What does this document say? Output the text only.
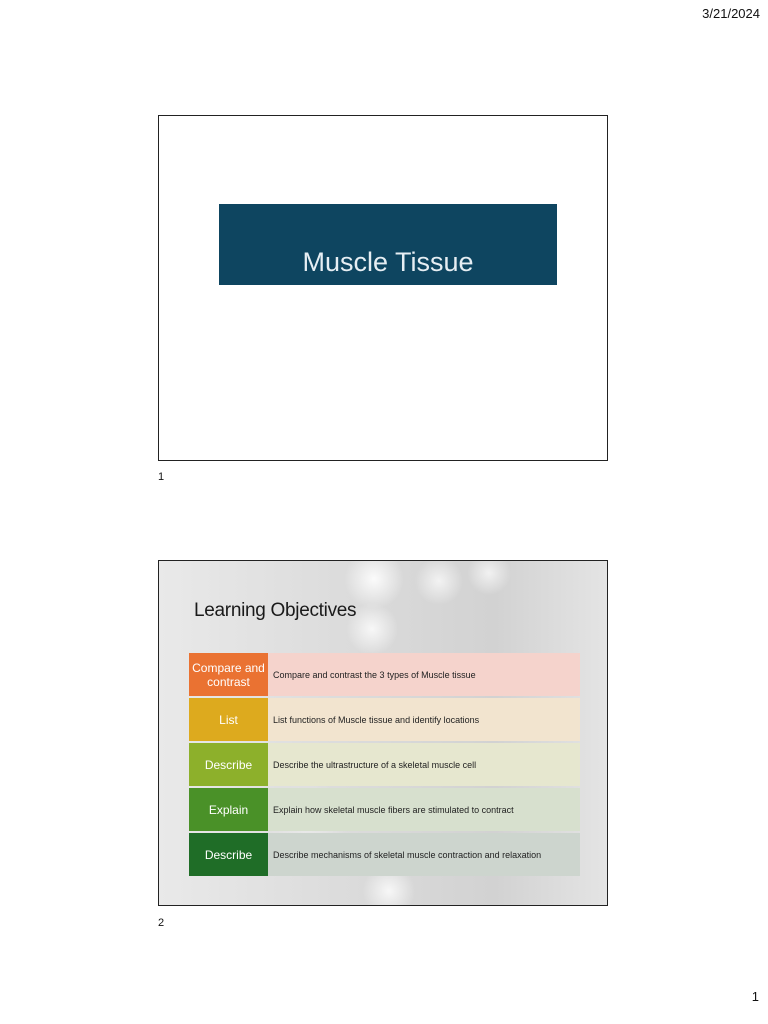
3/21/2024
Muscle Tissue
1
Learning Objectives
Compare and contrast	Compare and contrast the 3 types of Muscle tissue
List	List functions of Muscle tissue and identify locations
Describe	Describe the ultrastructure of a skeletal muscle cell
Explain	Explain how skeletal muscle fibers are stimulated to contract
Describe	Describe mechanisms of skeletal muscle contraction and relaxation
2
1
